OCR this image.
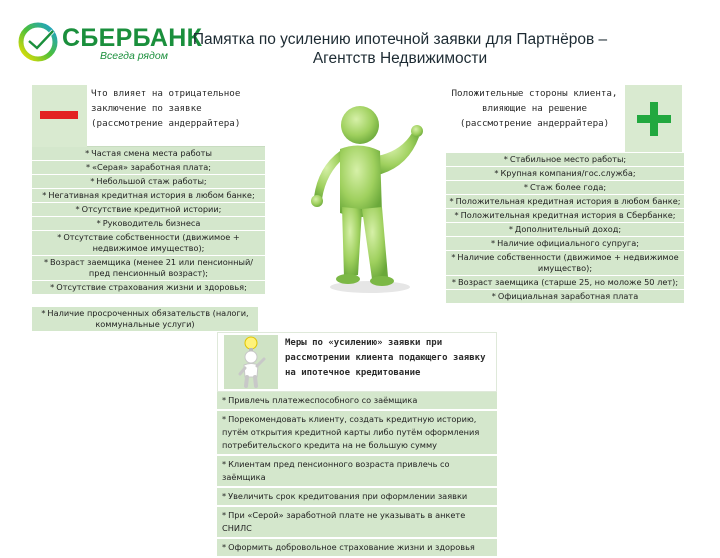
СБЕРБАНК
Всегда рядом
Памятка по усилению ипотечной заявки для Партнёров – Агентств Недвижимости
Что влияет на отрицательное заключение по заявке (рассмотрение андеррайтера)
* Частая смена места работы
* «Серая» заработная плата;
* Небольшой стаж работы;
* Негативная кредитная история в любом банке;
* Отсутствие кредитной истории;
* Руководитель бизнеса
* Отсутствие собственности (движимое + недвижимое имущество);
* Возраст заемщика (менее 21 или пенсионный/пред пенсионный возраст);
* Отсутствие страхования жизни и здоровья;
* Наличие просроченных обязательств (налоги, коммунальные услуги)
Положительные стороны клиента, влияющие на решение (рассмотрение андеррайтера)
* Стабильное место работы;
* Крупная компания/гос.служба;
* Стаж более года;
* Положительная кредитная история в любом банке;
* Положительная кредитная история в Сбербанке;
* Дополнительный доход;
* Наличие официального супруга;
* Наличие собственности (движимое + недвижимое имущество);
* Возраст заемщика (старше 25, но моложе 50 лет);
* Официальная заработная плата
Меры по «усилению» заявки при рассмотрении клиента подающего заявку на ипотечное кредитование
* Привлечь платежеспособного со заёмщика
* Порекомендовать клиенту, создать кредитную историю, путём открытия кредитной карты либо путём оформления потребительского кредита на не большую сумму
* Клиентам пред пенсионного возраста привлечь со заёмщика
* Увеличить срок кредитования при оформлении заявки
* При «Серой» заработной плате не указывать в анкете СНИЛС
* Оформить добровольное страхование жизни и здоровья
